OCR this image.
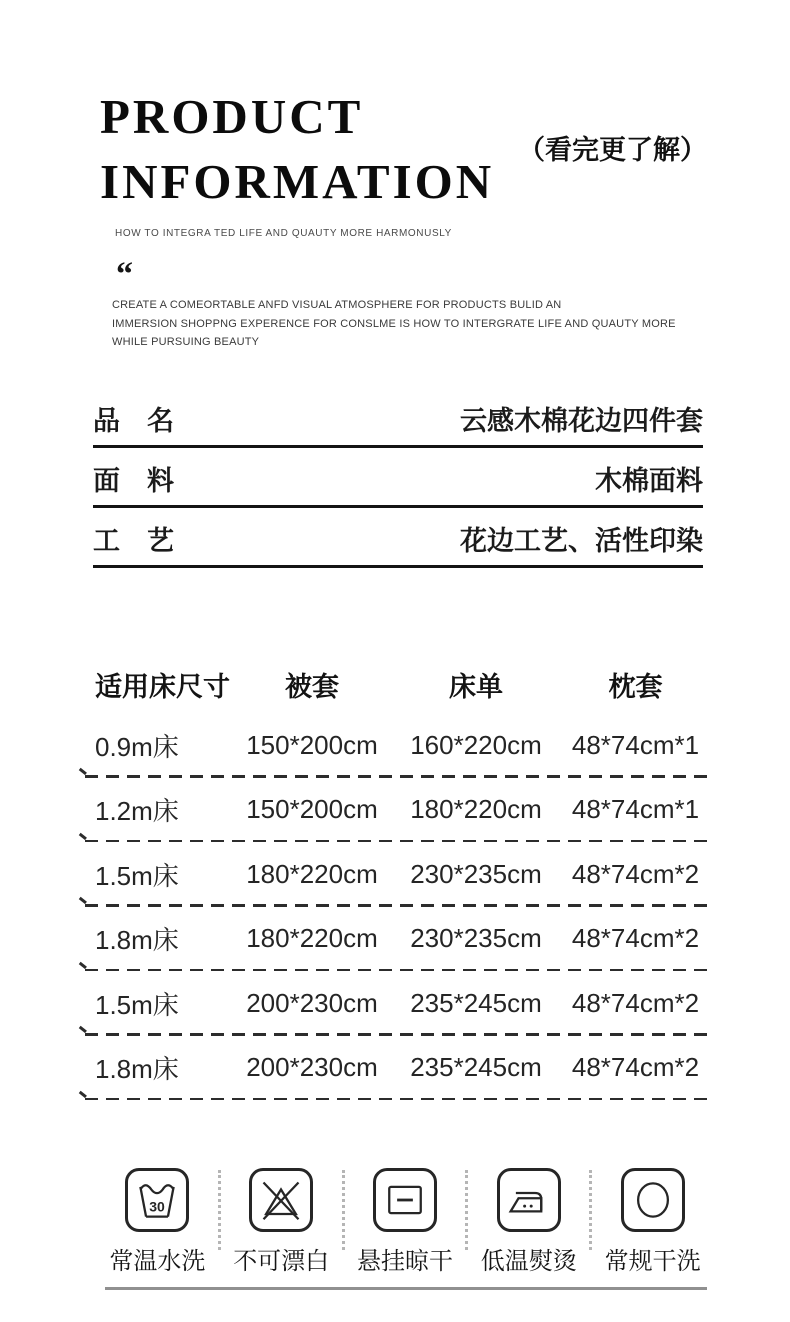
PRODUCT
INFORMATION
（看完更了解）
HOW TO INTEGRA TED LIFE AND QUAUTY MORE HARMONUSLY
“
CREATE A COMEORTABLE ANFD VISUAL ATMOSPHERE FOR PRODUCTS BULID AN
IMMERSION SHOPPNG EXPERENCE FOR CONSLME IS HOW TO INTERGRATE LIFE AND QUAUTY MORE
WHILE PURSUING BEAUTY
品　名	云感木棉花边四件套
面　料	木棉面料
工　艺	花边工艺、活性印染
适用床尺寸	被套	床单	枕套
0.9m床	150*200cm	160*220cm	48*74cm*1
1.2m床	150*200cm	180*220cm	48*74cm*1
1.5m床	180*220cm	230*235cm	48*74cm*2
1.8m床	180*220cm	230*235cm	48*74cm*2
1.5m床	200*230cm	235*245cm	48*74cm*2
1.8m床	200*230cm	235*245cm	48*74cm*2
30
常温水洗 不可漂白 悬挂晾干 低温熨烫 常规干洗
